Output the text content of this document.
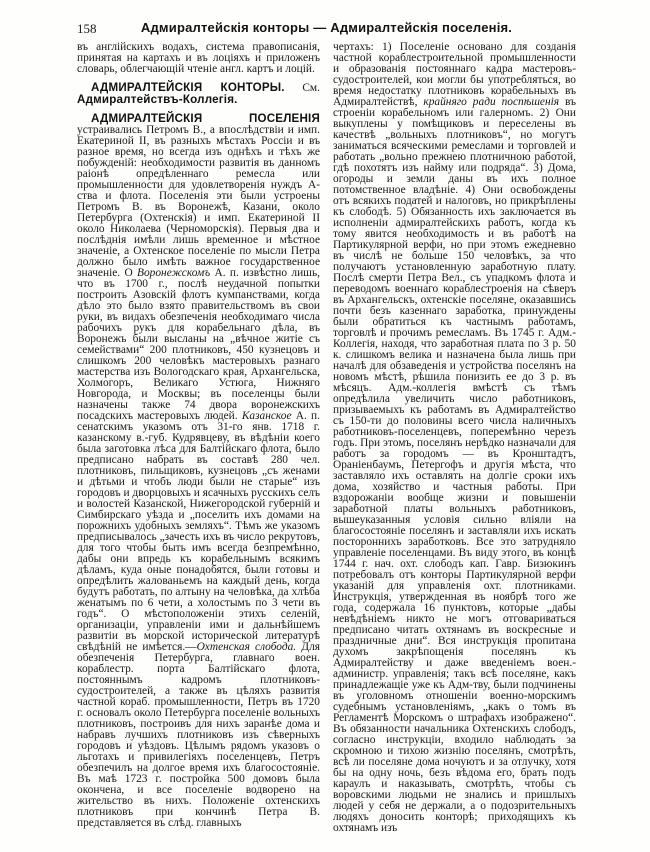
158	Адмиралтейскія конторы — Адмиралтейскія поселенія.

въ англійскихъ водахъ, система правописанія, принятая на картахъ и въ лоціяхъ и приложенъ словарь, облегчающій чтеніе англ. картъ и лоцій.

АДМИРАЛТЕЙСКІЯ КОНТОРЫ. См. Адмиралтействъ-Коллегія.

АДМИРАЛТЕЙСКІЯ ПОСЕЛЕНІЯ устраивались Петромъ В., а впослѣдствіи и имп. Екатериной II, въ разныхъ мѣстахъ Россіи и въ разное время, но всегда изъ однѣхъ и тѣхъ же побужденій: необходимости развитія въ данномъ раіонѣ опредѣленнаго ремесла или промышленности для удовлетворенія нуждъ А-ства и флота. Поселенія эти были устроены Петромъ В. въ Воронежѣ, Казани, около Петербурга (Охтенскія) и имп. Екатериной II около Николаева (Черноморскія). Первыя два и послѣднія имѣли лишь временное и мѣстное значеніе, а Охтенское поселеніе по мысли Петра должно было имѣть важное государственное значеніе. О Воронежскомъ А. п. извѣстно лишь, что въ 1700 г., послѣ неудачной попытки построить Азовскій флотъ кумпанствами, когда дѣло это было взято правительствомъ въ свои руки, въ видахъ обезпеченія необходимаго числа рабочихъ рукъ для корабельнаго дѣла, въ Воронежъ были высланы на „вѣчное житіе съ семействами“ 200 плотниковъ, 450 кузнецовъ и слишкомъ 200 человѣкъ мастеровыхъ разнаго мастерства изъ Вологодскаго края, Архангельска, Холмогоръ, Великаго Устюга, Нижняго Новгорода, и Москвы; въ поселенцы были назначены также 74 двора воронежскихъ посадскихъ мастеровыхъ людей. Казанское А. п. сенатскимъ указомъ отъ 31-го янв. 1718 г. казанскому в.-губ. Кудрявцеву, въ вѣдѣніи коего была заготовка лѣса для Балтійскаго флота, было предписано набрать въ составѣ 280 чел. плотниковъ, пильщиковъ, кузнецовъ „съ женами и дѣтьми и чтобъ люди были не старые“ изъ городовъ и дворцовыхъ и ясачныхъ русскихъ селъ и волостей Казанской, Нижегородской губерній и Симбирскаго уѣзда и „поселить ихъ домами на порожнихъ удобныхъ земляхъ“. Тѣмъ же указомъ предписывалось „зачесть ихъ въ число рекрутовъ, для того чтобы быть имъ всегда безпремѣнно, дабы они впредь къ корабельнымъ всякимъ дѣламъ, куда оные понадобятся, были готовы и опредѣлить жалованьемъ на каждый день, когда будутъ работать, по алтыну на человѣка, да хлѣба женатымъ по 6 чети, а холостымъ по 3 чети въ годъ“. О мѣстоположеніи этихъ селеній, организаціи, управленіи ими и дальнѣйшемъ развитіи въ морской исторической литературѣ свѣдѣній не имѣется.—Охтенская слобода. Для обезпеченія Петербурга, главнаго воен. кораблестр. порта Балтійскаго флота, постояннымъ кадромъ плотниковъ-судостроителей, а также въ цѣляхъ развитія частной кораб. промышленности, Петръ въ 1720 г. основалъ около Петербурга поселеніе вольныхъ плотниковъ, построивъ для нихъ заранѣе дома и набравъ лучшихъ плотниковъ изъ сѣверныхъ городовъ и уѣздовъ. Цѣлымъ рядомъ указовъ о льготахъ и привилегіяхъ поселенцевъ, Петръ обезпечилъ на долгое время ихъ благосостояніе. Въ маѣ 1723 г. постройка 500 домовъ была окончена, и все поселеніе водворено на жительство въ нихъ. Положеніе охтенскихъ плотниковъ при кончинѣ Петра В. представляется въ слѣд. главныхъ

чертахъ: 1) Поселеніе основано для созданія частной кораблестроительной промышленности и образованія постояннаго кадра мастеровъ-судостроителей, кои могли бы употребляться, во время недостатку плотниковъ корабельныхъ въ Адмиралтействѣ, крайняго ради поспѣшенія въ строеніи корабельномъ или галерномъ. 2) Они выкуплены у помѣщиковъ и переселены въ качествѣ „вольныхъ плотниковъ“, но могутъ заниматься всяческими ремеслами и торговлей и работать „вольно прежнею плотничною работой, гдѣ похотятъ изъ найму или подряда“. 3) Дома, огороды и земли даны въ ихъ полное потомственное владѣніе. 4) Они освобождены отъ всякихъ податей и налоговъ, но прикрѣплены къ слободѣ. 5) Обязанность ихъ заключается въ исполненіи адмиралтейскихъ работъ, когда къ тому явится необходимость и въ работѣ на Партикулярной верфи, но при этомъ ежедневно въ числѣ не больше 150 человѣкъ, за что получаютъ установленную заработную плату. Послѣ смерти Петра Вел., съ упадкомъ флота и переводомъ военнаго кораблестроенія на сѣверъ въ Архангельскъ, охтенскіе поселяне, оказавшись почти безъ казеннаго заработка, принуждены были обратиться къ частнымъ работамъ, торговлѣ и прочимъ ремесламъ. Въ 1745 г. Адм.-Коллегія, находя, что заработная плата по 3 р. 50 к. слишкомъ велика и назначена была лишь при началѣ для обзаведенія и устройства поселянъ на новомъ мѣстѣ, рѣшила понизить ее до 3 р. въ мѣсяцъ. Адм.-коллегія вмѣстѣ съ тѣмъ опредѣлила увеличить число работниковъ, призываемыхъ къ работамъ въ Адмиралтейство съ 150-ти до половины всего числа наличныхъ работниковъ-поселенцевъ, поперемѣнно черезъ годъ. При этомъ, поселянъ нерѣдко назначали для работъ за городомъ — въ Кронштадтъ, Ораніенбаумъ, Петергофъ и другія мѣста, что заставляло ихъ оставлять на долгіе сроки ихъ дома, хозяйство и частныя работы. При вздорожаніи вообще жизни и повышеніи заработной платы вольныхъ работниковъ, вышеуказанныя условія сильно вліяли на благосостояніе поселянъ и заставляли ихъ искать постороннихъ заработковъ. Все это затрудняло управленіе поселенцами. Въ виду этого, въ концѣ 1744 г. нач. охт. слободъ кап. Гавр. Бизюкинъ потребовалъ отъ конторы Партикулярной верфи указаній для управленія охт. плотниками. Инструкція, утвержденная въ ноябрѣ того же года, содержала 16 пунктовъ, которые „дабы невѣдѣніемъ никто не могъ отговариваться предписано читать охтянамъ въ воскресные и праздничные дни“. Вся инструкція пропитана духомъ закрѣпощенія поселянъ къ Адмиралтейству и даже введеніемъ воен.-администр. управленія; такъ всѣ поселяне, какъ принадлежащіе уже къ Адм-тву, были подчинены въ уголовномъ отношеніи военно-морскимъ судебнымъ установленіямъ, „какъ о томъ въ Регламентѣ Морскомъ о штрафахъ изображено“. Въ обязанности начальника Охтенскихъ слободъ, согласно инструкціи, входило наблюдать за скромною и тихою жизнію поселянъ, смотрѣть, всѣ ли поселяне дома ночуютъ и за отлучку, хотя бы на одну ночь, безъ вѣдома его, брать подъ караулъ и наказывать, смотрѣть, чтобы съ воровскими людьми не знались и пришлыхъ людей у себя не держали, а о подозрительныхъ людяхъ доносить конторѣ; приходящихъ къ охтянамъ изъ
